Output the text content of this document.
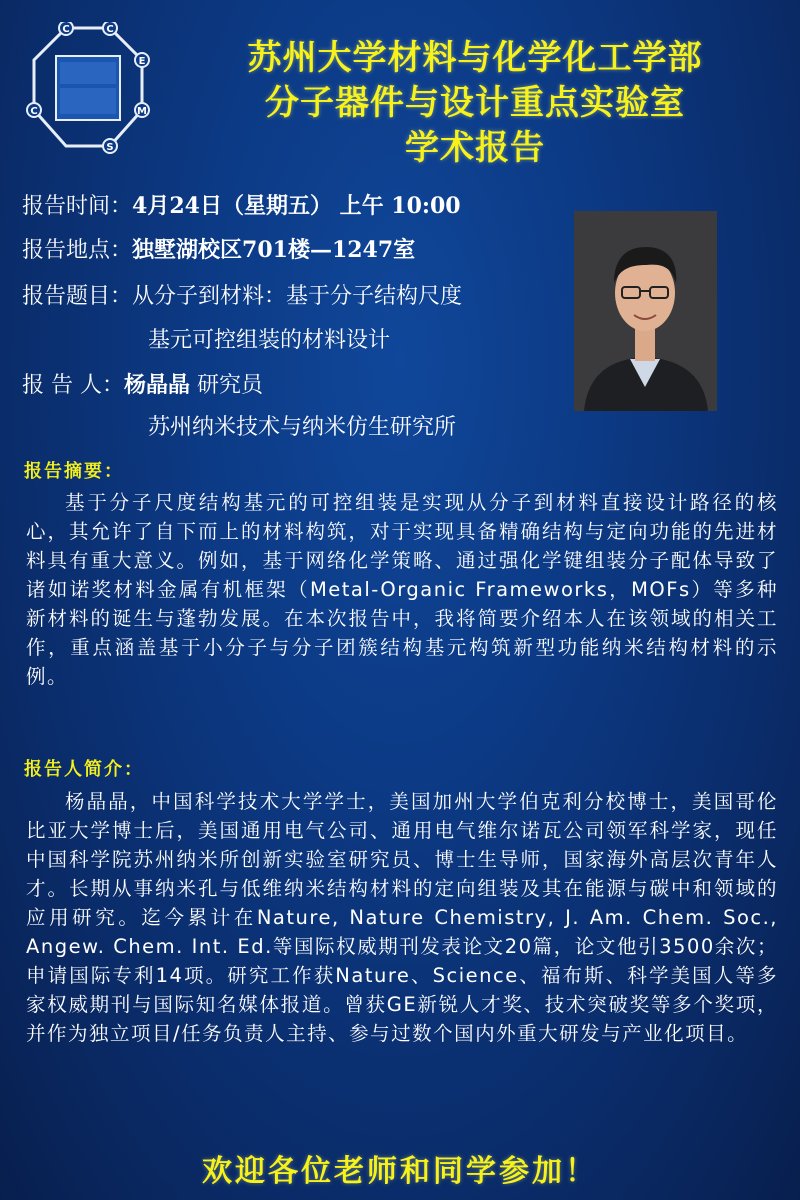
C	C
E
M
S
C
苏州大学材料与化学化工学部
分子器件与设计重点实验室
学术报告
报告时间：4月24日（星期五） 上午 10:00
报告地点：独墅湖校区701楼—1247室
报告题目：从分子到材料：基于分子结构尺度
基元可控组装的材料设计
报 告 人：杨晶晶 研究员
苏州纳米技术与纳米仿生研究所
报告摘要：
基于分子尺度结构基元的可控组装是实现从分子到材料直接设计路径的核心，其允许了自下而上的材料构筑，对于实现具备精确结构与定向功能的先进材料具有重大意义。例如，基于网络化学策略、通过强化学键组装分子配体导致了诸如诺奖材料金属有机框架（Metal-Organic Frameworks，MOFs）等多种新材料的诞生与蓬勃发展。在本次报告中，我将简要介绍本人在该领域的相关工作，重点涵盖基于小分子与分子团簇结构基元构筑新型功能纳米结构材料的示例。
报告人简介：
杨晶晶，中国科学技术大学学士，美国加州大学伯克利分校博士，美国哥伦比亚大学博士后，美国通用电气公司、通用电气维尔诺瓦公司领军科学家，现任中国科学院苏州纳米所创新实验室研究员、博士生导师，国家海外高层次青年人才。长期从事纳米孔与低维纳米结构材料的定向组装及其在能源与碳中和领域的应用研究。迄今累计在Nature, Nature Chemistry, J. Am. Chem. Soc., Angew. Chem. Int. Ed.等国际权威期刊发表论文20篇，论文他引3500余次；申请国际专利14项。研究工作获Nature、Science、福布斯、科学美国人等多家权威期刊与国际知名媒体报道。曾获GE新锐人才奖、技术突破奖等多个奖项，并作为独立项目/任务负责人主持、参与过数个国内外重大研发与产业化项目。
欢迎各位老师和同学参加！
